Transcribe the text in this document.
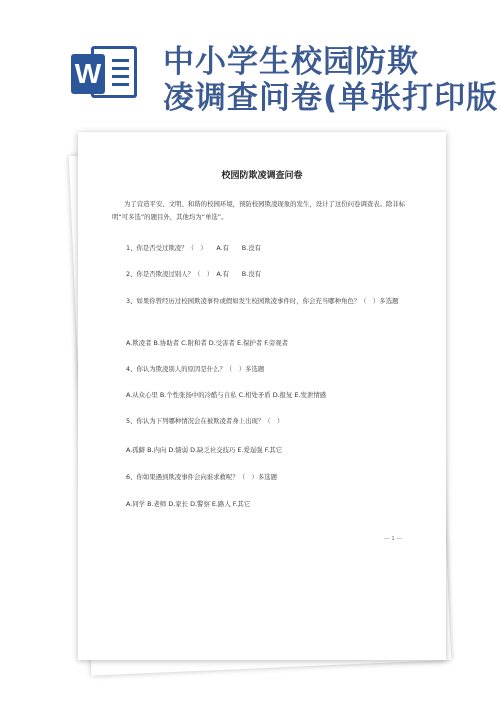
W 中小学生校园防欺
凌调查问卷(单张打印版
校园防欺凌调查问卷
为了营造平安、文明、和谐的校园环境，预防校园欺凌现象的发生，设计了这份问卷调查表。除非标明“可多选”的题目外，其他均为“单选”。
1、你是否受过欺凌？（　）　　A.有　　B.没有
2、你是否欺凌过别人？（　）　A.有　　B.没有
3、如果你曾经历过校园欺凌事件或假如发生校园欺凌事件时，你会充当哪种角色？（　）多选题
A.欺凌者 B.协助者 C.附和者 D.受害者 E.保护者 F.旁观者
4、你认为欺凌别人的原因是什么？（　）多选题
A.从众心里 B.个性张扬中的冷酷与自私 C.相处矛盾 D.报复 E.发泄情感
5、你认为下列哪种情况会在被欺凌者身上出现？（　）
A.孤僻 B.内向 D.懦弱 D.缺乏社交技巧 E.爱逞强 F.其它
6、你如果遇到欺凌事件会向谁求救呢？（　）多选题
A.同学 B.老师 D.家长 D.警察 E.路人 F.其它
— 1 —
